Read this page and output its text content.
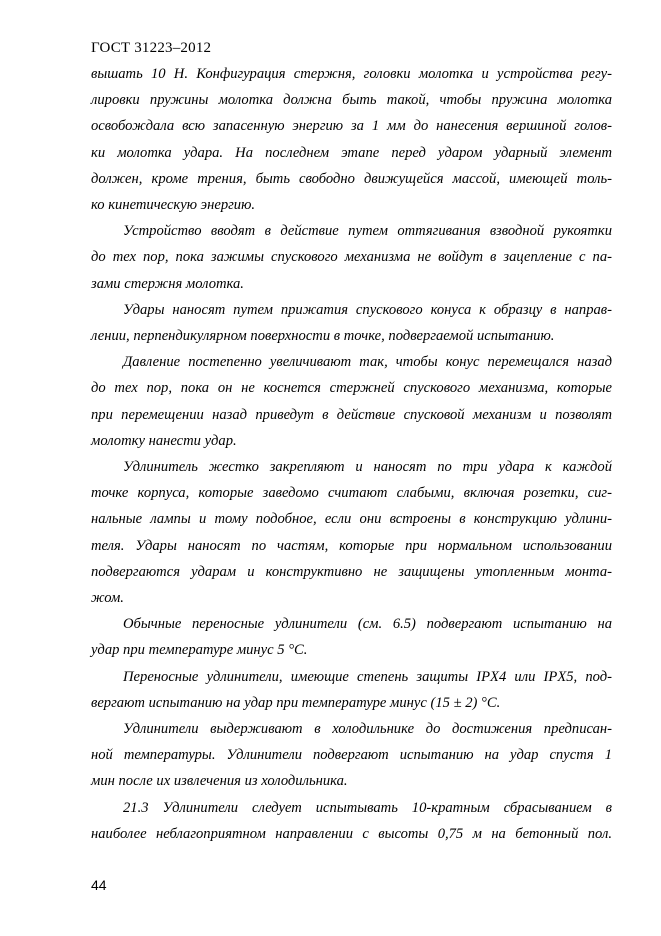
ГОСТ 31223–2012

вышать 10 Н. Конфигурация стержня, головки молотка и устройства регу-
лировки пружины молотка должна быть такой, чтобы пружина молотка
освобождала всю запасенную энергию за 1 мм до нанесения вершиной голов-
ки молотка удара. На последнем этапе перед ударом ударный элемент
должен, кроме трения, быть свободно движущейся массой, имеющей толь-
ко кинетическую энергию.

Устройство вводят в действие путем оттягивания взводной рукоятки
до тех пор, пока зажимы спускового механизма не войдут в зацепление с па-
зами стержня молотка.

Удары наносят путем прижатия спускового конуса к образцу в направ-
лении, перпендикулярном поверхности в точке, подвергаемой испытанию.

Давление постепенно увеличивают так, чтобы конус перемещался назад
до тех пор, пока он не коснется стержней спускового механизма, которые
при перемещении назад приведут в действие спусковой механизм и позволят
молотку нанести удар.

Удлинитель жестко закрепляют и наносят по три удара к каждой
точке корпуса, которые заведомо считают слабыми, включая розетки, сиг-
нальные лампы и тому подобное, если они встроены в конструкцию удлини-
теля. Удары наносят по частям, которые при нормальном использовании
подвергаются ударам и конструктивно не защищены утопленным монта-
жом.

Обычные переносные удлинители (см. 6.5) подвергают испытанию на
удар при температуре минус 5 °С.

Переносные удлинители, имеющие степень защиты IPX4 или IPX5, под-
вергают испытанию на удар при температуре минус (15 ± 2) °С.

Удлинители выдерживают в холодильнике до достижения предписан-
ной температуры. Удлинители подвергают испытанию на удар спустя 1
мин после их извлечения из холодильника.

21.3 Удлинители следует испытывать 10-кратным сбрасыванием в
наиболее неблагоприятном направлении с высоты 0,75 м на бетонный пол.

44
